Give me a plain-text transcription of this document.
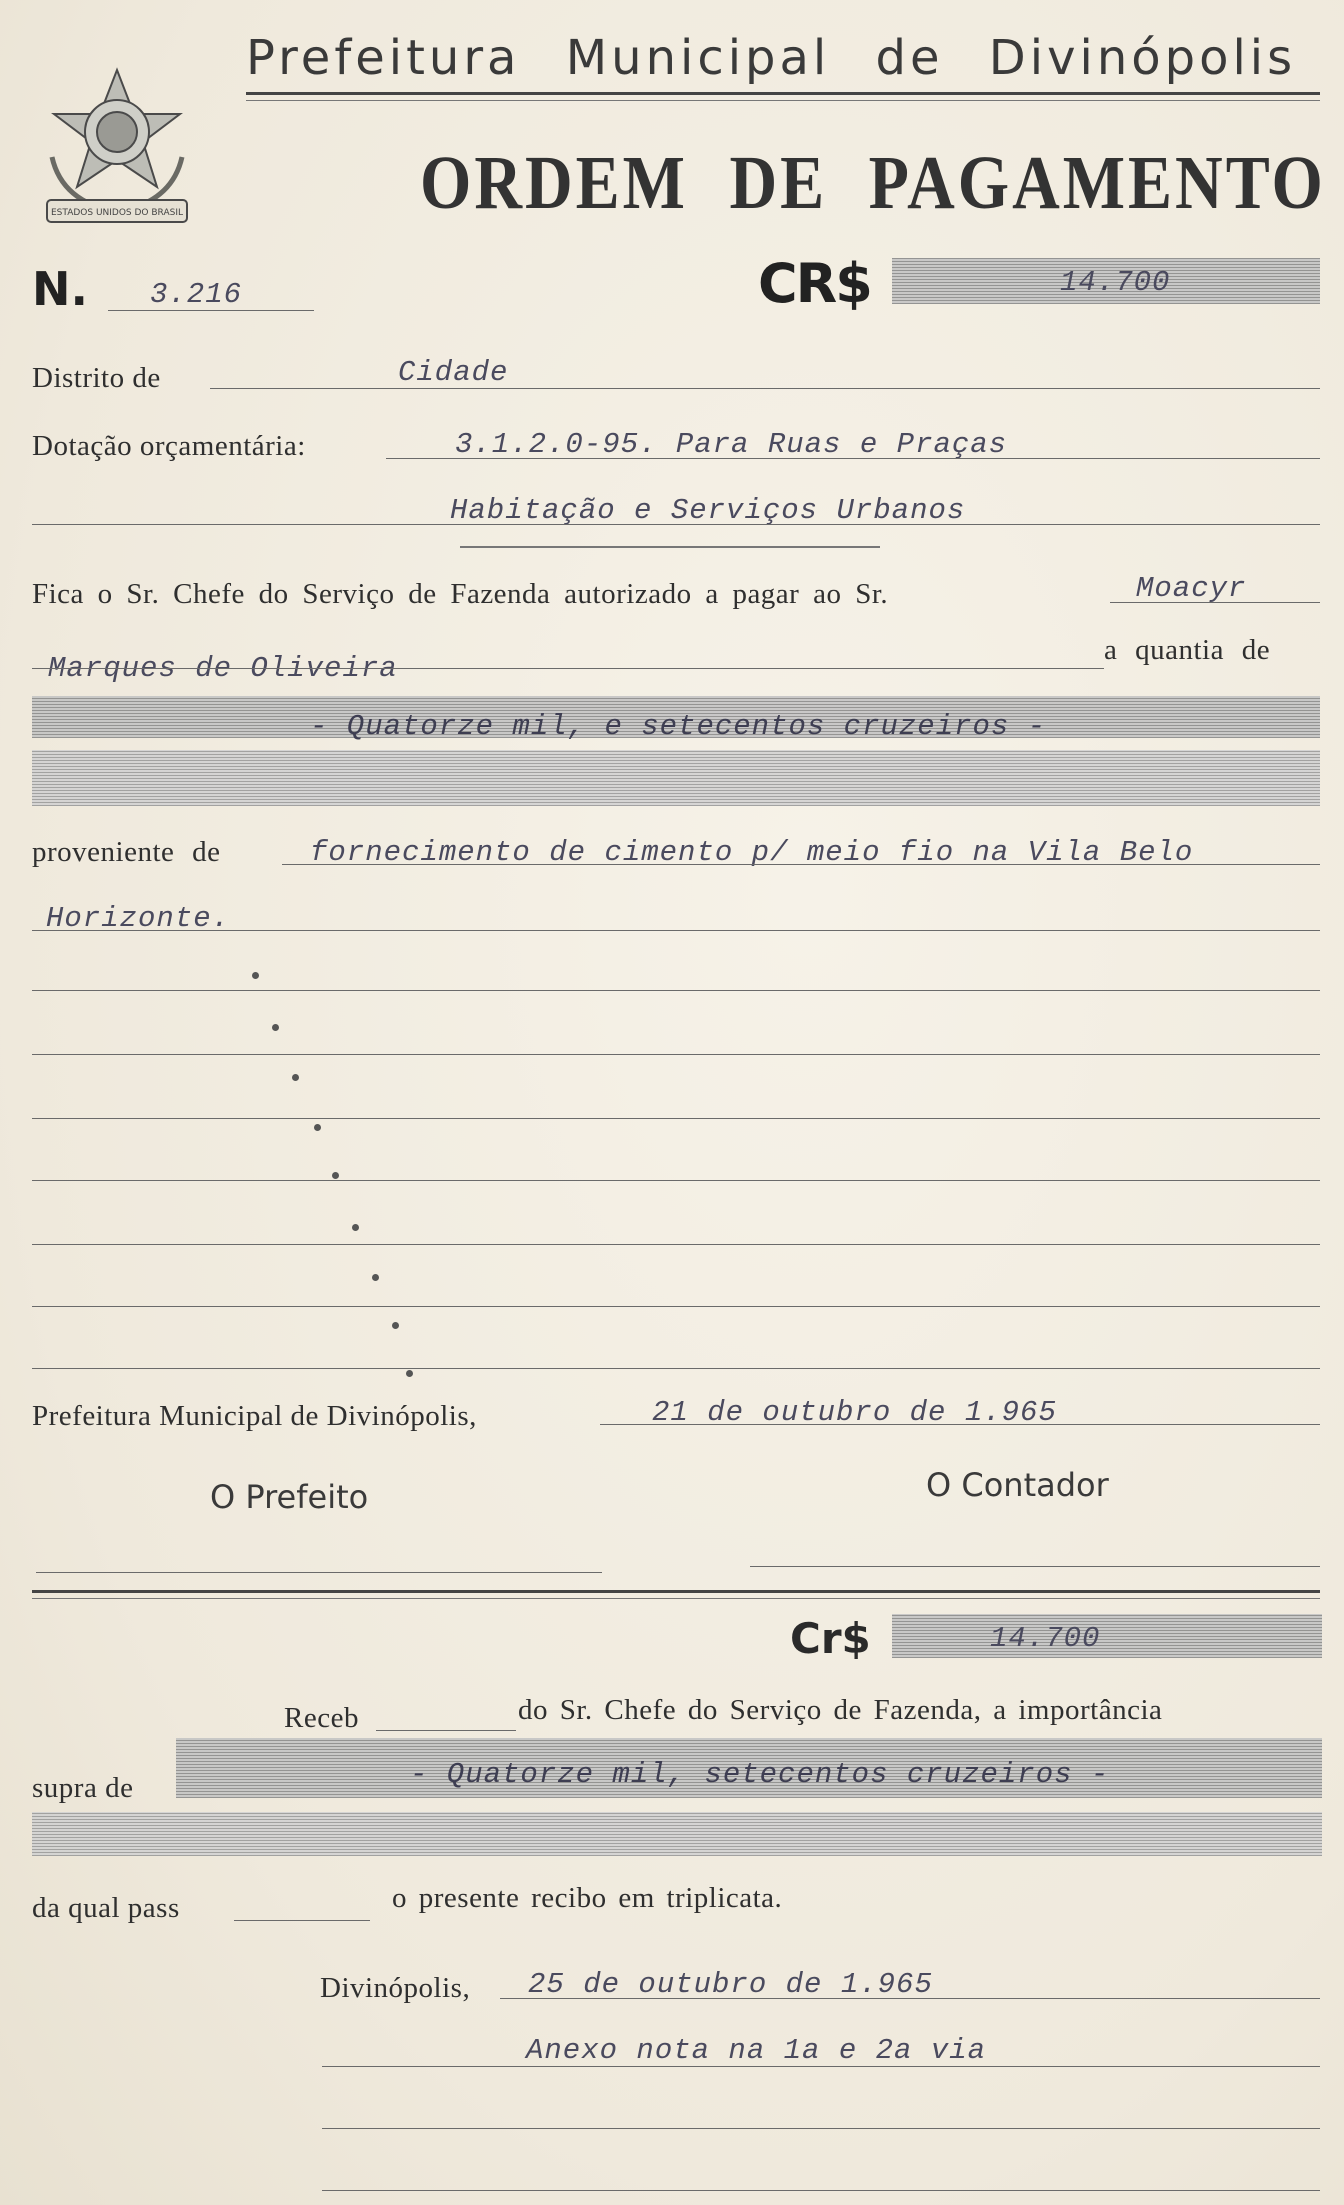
ESTADOS UNIDOS DO BRASIL
Prefeitura Municipal de Divinópolis
ORDEM DE PAGAMENTO
N. 3.216	CR$	14.700
Distrito de	Cidade
Dotação orçamentária:	3.1.2.0-95. Para Ruas e Praças
Habitação e Serviços Urbanos
Fica o Sr. Chefe do Serviço de Fazenda autorizado a pagar ao Sr.	Moacyr
Marques de Oliveira
a quantia de
- Quatorze mil, e setecentos cruzeiros -
proveniente de	fornecimento de cimento p/ meio fio na Vila Belo
Horizonte.
Prefeitura Municipal de Divinópolis,	21 de outubro de 1.965
O Prefeito	O Contador
Cr$	14.700
Receb	do Sr. Chefe do Serviço de Fazenda, a importância
supra de	- Quatorze mil, setecentos cruzeiros -
da qual pass	o presente recibo em triplicata.
Divinópolis, 25 de outubro de 1.965
Anexo nota na 1a e 2a via
